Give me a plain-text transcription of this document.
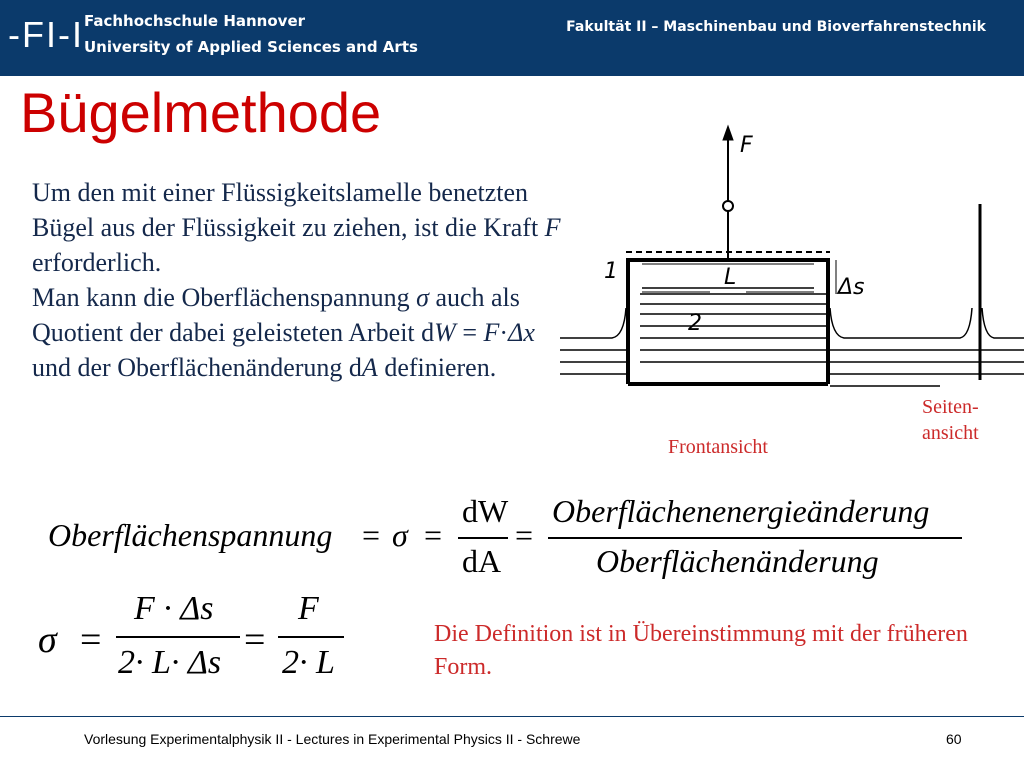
-FI-I Fachhochschule Hannover
University of Applied Sciences and Arts
Fakultät II – Maschinenbau und Bioverfahrenstechnik
Bügelmethode
Um den mit einer Flüssigkeitslamelle benetzten Bügel aus der Flüssigkeit zu ziehen, ist die Kraft F erforderlich.
Man kann die Oberflächenspannung σ auch als Quotient der dabei geleisteten Arbeit dW = F·Δx und der Oberflächenänderung dA definieren.
F
1	L	Δs
2
Frontansicht
Seiten-
ansicht
Oberflächenspannung = σ =
dW
dA
=
Oberflächenenergieänderung
Oberflächenänderung
σ =
F · Δs
2· L· Δs
=
F
2· L
Die Definition ist in Übereinstimmung mit der früheren Form.
Vorlesung Experimentalphysik II - Lectures in Experimental Physics II - Schrewe	60
